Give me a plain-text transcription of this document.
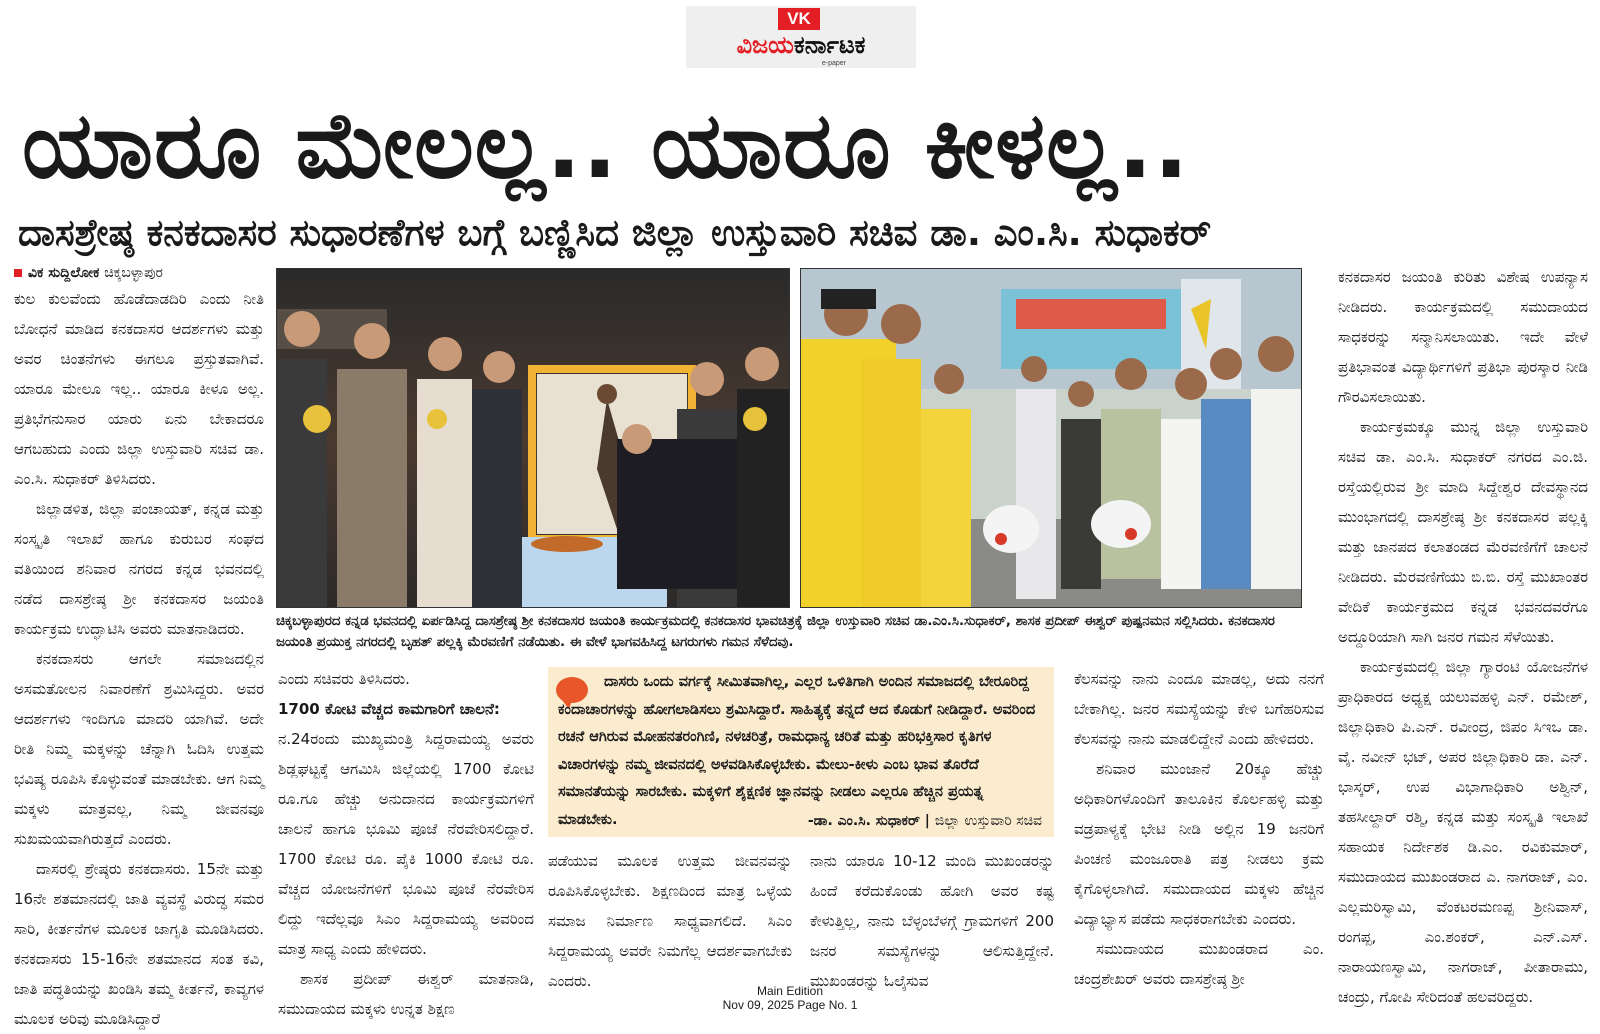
VK
ವಿಜಯಕರ್ನಾಟಕ
e-paper
ಯಾರೂ ಮೇಲಲ್ಲ.. ಯಾರೂ ಕೀಳಲ್ಲ..
ದಾಸಶ್ರೇಷ್ಠ ಕನಕದಾಸರ ಸುಧಾರಣೆಗಳ ಬಗ್ಗೆ ಬಣ್ಣಿಸಿದ ಜಿಲ್ಲಾ ಉಸ್ತುವಾರಿ ಸಚಿವ ಡಾ. ಎಂ.ಸಿ. ಸುಧಾಕರ್
ವಿಕ ಸುದ್ದಿಲೋಕ ಚಿಕ್ಕಬಳ್ಳಾಪುರ

ಕುಲ ಕುಲವೆಂದು ಹೊಡೆದಾಡದಿರಿ ಎಂದು ನೀತಿ ಬೋಧನೆ ಮಾಡಿದ ಕನಕದಾಸರ ಆದರ್ಶಗಳು ಮತ್ತು ಅವರ ಚಿಂತನೆಗಳು ಈಗಲೂ ಪ್ರಸ್ತುತವಾಗಿವೆ. ಯಾರೂ ಮೇಲೂ ಇಲ್ಲ.. ಯಾರೂ ಕೀಳೂ ಅಲ್ಲ. ಪ್ರತಿಭೆಗನುಸಾರ ಯಾರು ಏನು ಬೇಕಾದರೂ ಆಗಬಹುದು ಎಂದು ಜಿಲ್ಲಾ ಉಸ್ತುವಾರಿ ಸಚಿವ ಡಾ. ಎಂ.ಸಿ. ಸುಧಾಕರ್ ತಿಳಿಸಿದರು.

ಜಿಲ್ಲಾಡಳಿತ, ಜಿಲ್ಲಾ ಪಂಚಾಯತ್, ಕನ್ನಡ ಮತ್ತು ಸಂಸ್ಕೃತಿ ಇಲಾಖೆ ಹಾಗೂ ಕುರುಬರ ಸಂಘದ ವತಿಯಿಂದ ಶನಿವಾರ ನಗರದ ಕನ್ನಡ ಭವನದಲ್ಲಿ ನಡೆದ ದಾಸಶ್ರೇಷ್ಠ ಶ್ರೀ ಕನಕದಾಸರ ಜಯಂತಿ ಕಾರ್ಯಕ್ರಮ ಉದ್ಘಾಟಿಸಿ ಅವರು ಮಾತನಾಡಿದರು.

ಕನಕದಾಸರು ಆಗಲೇ ಸಮಾಜದಲ್ಲಿನ ಅಸಮತೋಲನ ನಿವಾರಣೆಗೆ ಶ್ರಮಿಸಿದ್ದರು. ಅವರ ಆದರ್ಶಗಳು ಇಂದಿಗೂ ಮಾದರಿ ಯಾಗಿವೆ. ಅದೇ ರೀತಿ ನಿಮ್ಮ ಮಕ್ಕಳನ್ನು ಚೆನ್ನಾಗಿ ಓದಿಸಿ ಉತ್ತಮ ಭವಿಷ್ಯ ರೂಪಿಸಿ ಕೊಳ್ಳುವಂತೆ ಮಾಡಬೇಕು. ಆಗ ನಿಮ್ಮ ಮಕ್ಕಳು ಮಾತ್ರವಲ್ಲ, ನಿಮ್ಮ ಜೀವನವೂ ಸುಖಮಯವಾಗಿರುತ್ತದೆ ಎಂದರು.

ದಾಸರಲ್ಲಿ ಶ್ರೇಷ್ಠರು ಕನಕದಾಸರು. 15ನೇ ಮತ್ತು 16ನೇ ಶತಮಾನದಲ್ಲಿ ಜಾತಿ ವ್ಯವಸ್ಥೆ ವಿರುದ್ಧ ಸಮರ ಸಾರಿ, ಕೀರ್ತನೆಗಳ ಮೂಲಕ ಜಾಗೃತಿ ಮೂಡಿಸಿದರು. ಕನಕದಾಸರು 15-16ನೇ ಶತಮಾನದ ಸಂತ ಕವಿ, ಜಾತಿ ಪದ್ಧತಿಯನ್ನು ಖಂಡಿಸಿ ತಮ್ಮ ಕೀರ್ತನೆ, ಕಾವ್ಯಗಳ ಮೂಲಕ ಅರಿವು ಮೂಡಿಸಿದ್ದಾರೆ

ಚಿಕ್ಕಬಳ್ಳಾಪುರದ ಕನ್ನಡ ಭವನದಲ್ಲಿ ಏರ್ಪಡಿಸಿದ್ದ ದಾಸಶ್ರೇಷ್ಠ ಶ್ರೀ ಕನಕದಾಸರ ಜಯಂತಿ ಕಾರ್ಯಕ್ರಮದಲ್ಲಿ ಕನಕದಾಸರ ಭಾವಚಿತ್ರಕ್ಕೆ ಜಿಲ್ಲಾ ಉಸ್ತುವಾರಿ ಸಚಿವ ಡಾ.ಎಂ.ಸಿ.ಸುಧಾಕರ್, ಶಾಸಕ ಪ್ರದೀಪ್ ಈಶ್ವರ್ ಪುಷ್ಪನಮನ ಸಲ್ಲಿಸಿದರು. ಕನಕದಾಸರ ಜಯಂತಿ ಪ್ರಯುಕ್ತ ನಗರದಲ್ಲಿ ಬೃಹತ್ ಪಲ್ಲಕ್ಕಿ ಮೆರವಣಿಗೆ ನಡೆಯಿತು. ಈ ವೇಳೆ ಭಾಗವಹಿಸಿದ್ದ ಟಗರುಗಳು ಗಮನ ಸೆಳೆದವು.

ಎಂದು ಸಚಿವರು ತಿಳಿಸಿದರು.

1700 ಕೋಟಿ ವೆಚ್ಚದ ಕಾಮಗಾರಿಗೆ ಚಾಲನೆ:

ನ.24ರಂದು ಮುಖ್ಯಮಂತ್ರಿ ಸಿದ್ದರಾಮಯ್ಯ ಅವರು ಶಿಡ್ಲಘಟ್ಟಕ್ಕೆ ಆಗಮಿಸಿ ಜಿಲ್ಲೆಯಲ್ಲಿ 1700 ಕೋಟಿ ರೂ.ಗೂ ಹೆಚ್ಚು ಅನುದಾನದ ಕಾರ್ಯಕ್ರಮಗಳಿಗೆ ಚಾಲನೆ ಹಾಗೂ ಭೂಮಿ ಪೂಜೆ ನೆರವೇರಿಸಲಿದ್ದಾರೆ. 1700 ಕೋಟಿ ರೂ. ಪೈಕಿ 1000 ಕೋಟಿ ರೂ. ವೆಚ್ಚದ ಯೋಜನೆಗಳಿಗೆ ಭೂಮಿ ಪೂಜೆ ನೆರವೇರಿಸ ಲಿದ್ದು ಇದೆಲ್ಲವೂ ಸಿಎಂ ಸಿದ್ದರಾಮಯ್ಯ ಅವರಿಂದ ಮಾತ್ರ ಸಾಧ್ಯ ಎಂದು ಹೇಳಿದರು.

ಶಾಸಕ ಪ್ರದೀಪ್ ಈಶ್ವರ್ ಮಾತನಾಡಿ, ಸಮುದಾಯದ ಮಕ್ಕಳು ಉನ್ನತ ಶಿಕ್ಷಣ

ದಾಸರು ಒಂದು ವರ್ಗಕ್ಕೆ ಸೀಮಿತವಾಗಿಲ್ಲ, ಎಲ್ಲರ ಒಳಿತಿಗಾಗಿ ಅಂದಿನ ಸಮಾಜದಲ್ಲಿ ಬೇರೂರಿದ್ದ ಕಂದಾಚಾರಗಳನ್ನು ಹೋಗಲಾಡಿಸಲು ಶ್ರಮಿಸಿದ್ದಾರೆ. ಸಾಹಿತ್ಯಕ್ಕೆ ತನ್ನದೆ ಆದ ಕೊಡುಗೆ ನೀಡಿದ್ದಾರೆ. ಅವರಿಂದ ರಚನೆ ಆಗಿರುವ ಮೋಹನತರಂಗಿಣಿ, ನಳಚರಿತ್ರೆ, ರಾಮಧಾನ್ಯ ಚರಿತೆ ಮತ್ತು ಹರಿಭಕ್ತಿಸಾರ ಕೃತಿಗಳ ವಿಚಾರಗಳನ್ನು ನಮ್ಮ ಜೀವನದಲ್ಲಿ ಅಳವಡಿಸಿಕೊಳ್ಳಬೇಕು. ಮೇಲು-ಕೀಳು ಎಂಬ ಭಾವ ತೊರೆದೆ ಸಮಾನತೆಯನ್ನು ಸಾರಬೇಕು. ಮಕ್ಕಳಿಗೆ ಶೈಕ್ಷಣಿಕ ಜ್ಞಾನವನ್ನು ನೀಡಲು ಎಲ್ಲರೂ ಹೆಚ್ಚಿನ ಪ್ರಯತ್ನ ಮಾಡಬೇಕು.	-ಡಾ. ಎಂ.ಸಿ. ಸುಧಾಕರ್ | ಜಿಲ್ಲಾ ಉಸ್ತುವಾರಿ ಸಚಿವ

ಪಡೆಯುವ ಮೂಲಕ ಉತ್ತಮ ಜೀವನವನ್ನು ರೂಪಿಸಿಕೊಳ್ಳಬೇಕು. ಶಿಕ್ಷಣದಿಂದ ಮಾತ್ರ ಒಳ್ಳೆಯ ಸಮಾಜ ನಿರ್ಮಾಣ ಸಾಧ್ಯವಾಗಲಿದೆ. ಸಿಎಂ ಸಿದ್ದರಾಮಯ್ಯ ಅವರೇ ನಿಮಗೆಲ್ಲ ಆದರ್ಶವಾಗಬೇಕು ಎಂದರು.

ನಾನು ಯಾರೂ 10-12 ಮಂದಿ ಮುಖಂಡರನ್ನು ಹಿಂದೆ ಕರೆದುಕೊಂಡು ಹೋಗಿ ಅವರ ಕಷ್ಟ ಕೇಳುತ್ತಿಲ್ಲ, ನಾನು ಬೆಳ್ಳಂಬೆಳಗ್ಗೆ ಗ್ರಾಮಗಳಿಗೆ 200 ಜನರ ಸಮಸ್ಯೆಗಳನ್ನು ಆಲಿಸುತ್ತಿದ್ದೇನೆ. ಮುಖಂಡರನ್ನು ಓಲೈಸುವ

ಕೆಲಸವನ್ನು ನಾನು ಎಂದೂ ಮಾಡಲ್ಲ, ಅದು ನನಗೆ ಬೇಕಾಗಿಲ್ಲ. ಜನರ ಸಮಸ್ಯೆಯನ್ನು ಕೇಳಿ ಬಗೆಹರಿಸುವ ಕೆಲಸವನ್ನು ನಾನು ಮಾಡಲಿದ್ದೇನೆ ಎಂದು ಹೇಳಿದರು.

ಶನಿವಾರ ಮುಂಜಾನೆ 20ಕ್ಕೂ ಹೆಚ್ಚು ಅಧಿಕಾರಿಗಳೊಂದಿಗೆ ತಾಲೂಕಿನ ಕೊರ್ಲಹಳ್ಳಿ ಮತ್ತು ವಡ್ರಪಾಳ್ಯಕ್ಕೆ ಭೇಟಿ ನೀಡಿ ಅಲ್ಲಿನ 19 ಜನರಿಗೆ ಪಿಂಚಣಿ ಮಂಜೂರಾತಿ ಪತ್ರ ನೀಡಲು ಕ್ರಮ ಕೈಗೊಳ್ಳಲಾಗಿದೆ. ಸಮುದಾಯದ ಮಕ್ಕಳು ಹೆಚ್ಚಿನ ವಿದ್ಯಾಭ್ಯಾಸ ಪಡೆದು ಸಾಧಕರಾಗಬೇಕು ಎಂದರು.

ಸಮುದಾಯದ ಮುಖಂಡರಾದ ಎಂ. ಚಂದ್ರಶೇಖರ್ ಅವರು ದಾಸಶ್ರೇಷ್ಠ ಶ್ರೀ

ಕನಕದಾಸರ ಜಯಂತಿ ಕುರಿತು ವಿಶೇಷ ಉಪನ್ಯಾಸ ನೀಡಿದರು. ಕಾರ್ಯಕ್ರಮದಲ್ಲಿ ಸಮುದಾಯದ ಸಾಧಕರನ್ನು ಸನ್ಮಾನಿಸಲಾಯಿತು. ಇದೇ ವೇಳೆ ಪ್ರತಿಭಾವಂತ ವಿದ್ಯಾರ್ಥಿಗಳಿಗೆ ಪ್ರತಿಭಾ ಪುರಸ್ಕಾರ ನೀಡಿ ಗೌರವಿಸಲಾಯಿತು.

ಕಾರ್ಯಕ್ರಮಕ್ಕೂ ಮುನ್ನ ಜಿಲ್ಲಾ ಉಸ್ತುವಾರಿ ಸಚಿವ ಡಾ. ಎಂ.ಸಿ. ಸುಧಾಕರ್ ನಗರದ ಎಂ.ಜಿ. ರಸ್ತೆಯಲ್ಲಿರುವ ಶ್ರೀ ಮಾದಿ ಸಿದ್ದೇಶ್ವರ ದೇವಸ್ಥಾನದ ಮುಂಭಾಗದಲ್ಲಿ ದಾಸಶ್ರೇಷ್ಠ ಶ್ರೀ ಕನಕದಾಸರ ಪಲ್ಲಕ್ಕಿ ಮತ್ತು ಜಾನಪದ ಕಲಾತಂಡದ ಮೆರವಣಿಗೆಗೆ ಚಾಲನೆ ನೀಡಿದರು. ಮೆರವಣಿಗೆಯು ಬಿ.ಬಿ. ರಸ್ತೆ ಮುಖಾಂತರ ವೇದಿಕೆ ಕಾರ್ಯಕ್ರಮದ ಕನ್ನಡ ಭವನದವರೆಗೂ ಅದ್ದೂರಿಯಾಗಿ ಸಾಗಿ ಜನರ ಗಮನ ಸೆಳೆಯಿತು.

ಕಾರ್ಯಕ್ರಮದಲ್ಲಿ ಜಿಲ್ಲಾ ಗ್ಯಾರಂಟಿ ಯೋಜನೆಗಳ ಪ್ರಾಧಿಕಾರದ ಅಧ್ಯಕ್ಷ ಯಲುವಹಳ್ಳಿ ಎನ್. ರಮೇಶ್, ಜಿಲ್ಲಾಧಿಕಾರಿ ಪಿ.ಎನ್. ರವೀಂದ್ರ, ಜಿಪಂ ಸಿಇಒ ಡಾ. ವೈ. ನವೀನ್ ಭಟ್, ಅಪರ ಜಿಲ್ಲಾಧಿಕಾರಿ ಡಾ. ಎನ್. ಭಾಸ್ಕರ್, ಉಪ ವಿಭಾಗಾಧಿಕಾರಿ ಅಶ್ವಿನ್, ತಹಸೀಲ್ದಾರ್ ರಶ್ಮಿ, ಕನ್ನಡ ಮತ್ತು ಸಂಸ್ಕೃತಿ ಇಲಾಖೆ ಸಹಾಯಕ ನಿರ್ದೇಶಕ ಡಿ.ಎಂ. ರವಿಕುಮಾರ್, ಸಮುದಾಯದ ಮುಖಂಡರಾದ ಎ. ನಾಗರಾಜ್, ಎಂ. ಎಲ್ಲಮರಿಸ್ವಾಮಿ, ವೆಂಕಟರಮಣಪ್ಪ ಶ್ರೀನಿವಾಸ್, ರಂಗಪ್ಪ, ಎಂ.ಶಂಕರ್, ಎನ್.ಎಸ್. ನಾರಾಯಣಸ್ವಾಮಿ, ನಾಗರಾಜ್, ಪೀತಾರಾಮು, ಚಂದ್ರು, ಗೋಪಿ ಸೇರಿದಂತೆ ಹಲವರಿದ್ದರು.

Main Edition
Nov 09, 2025 Page No. 1
